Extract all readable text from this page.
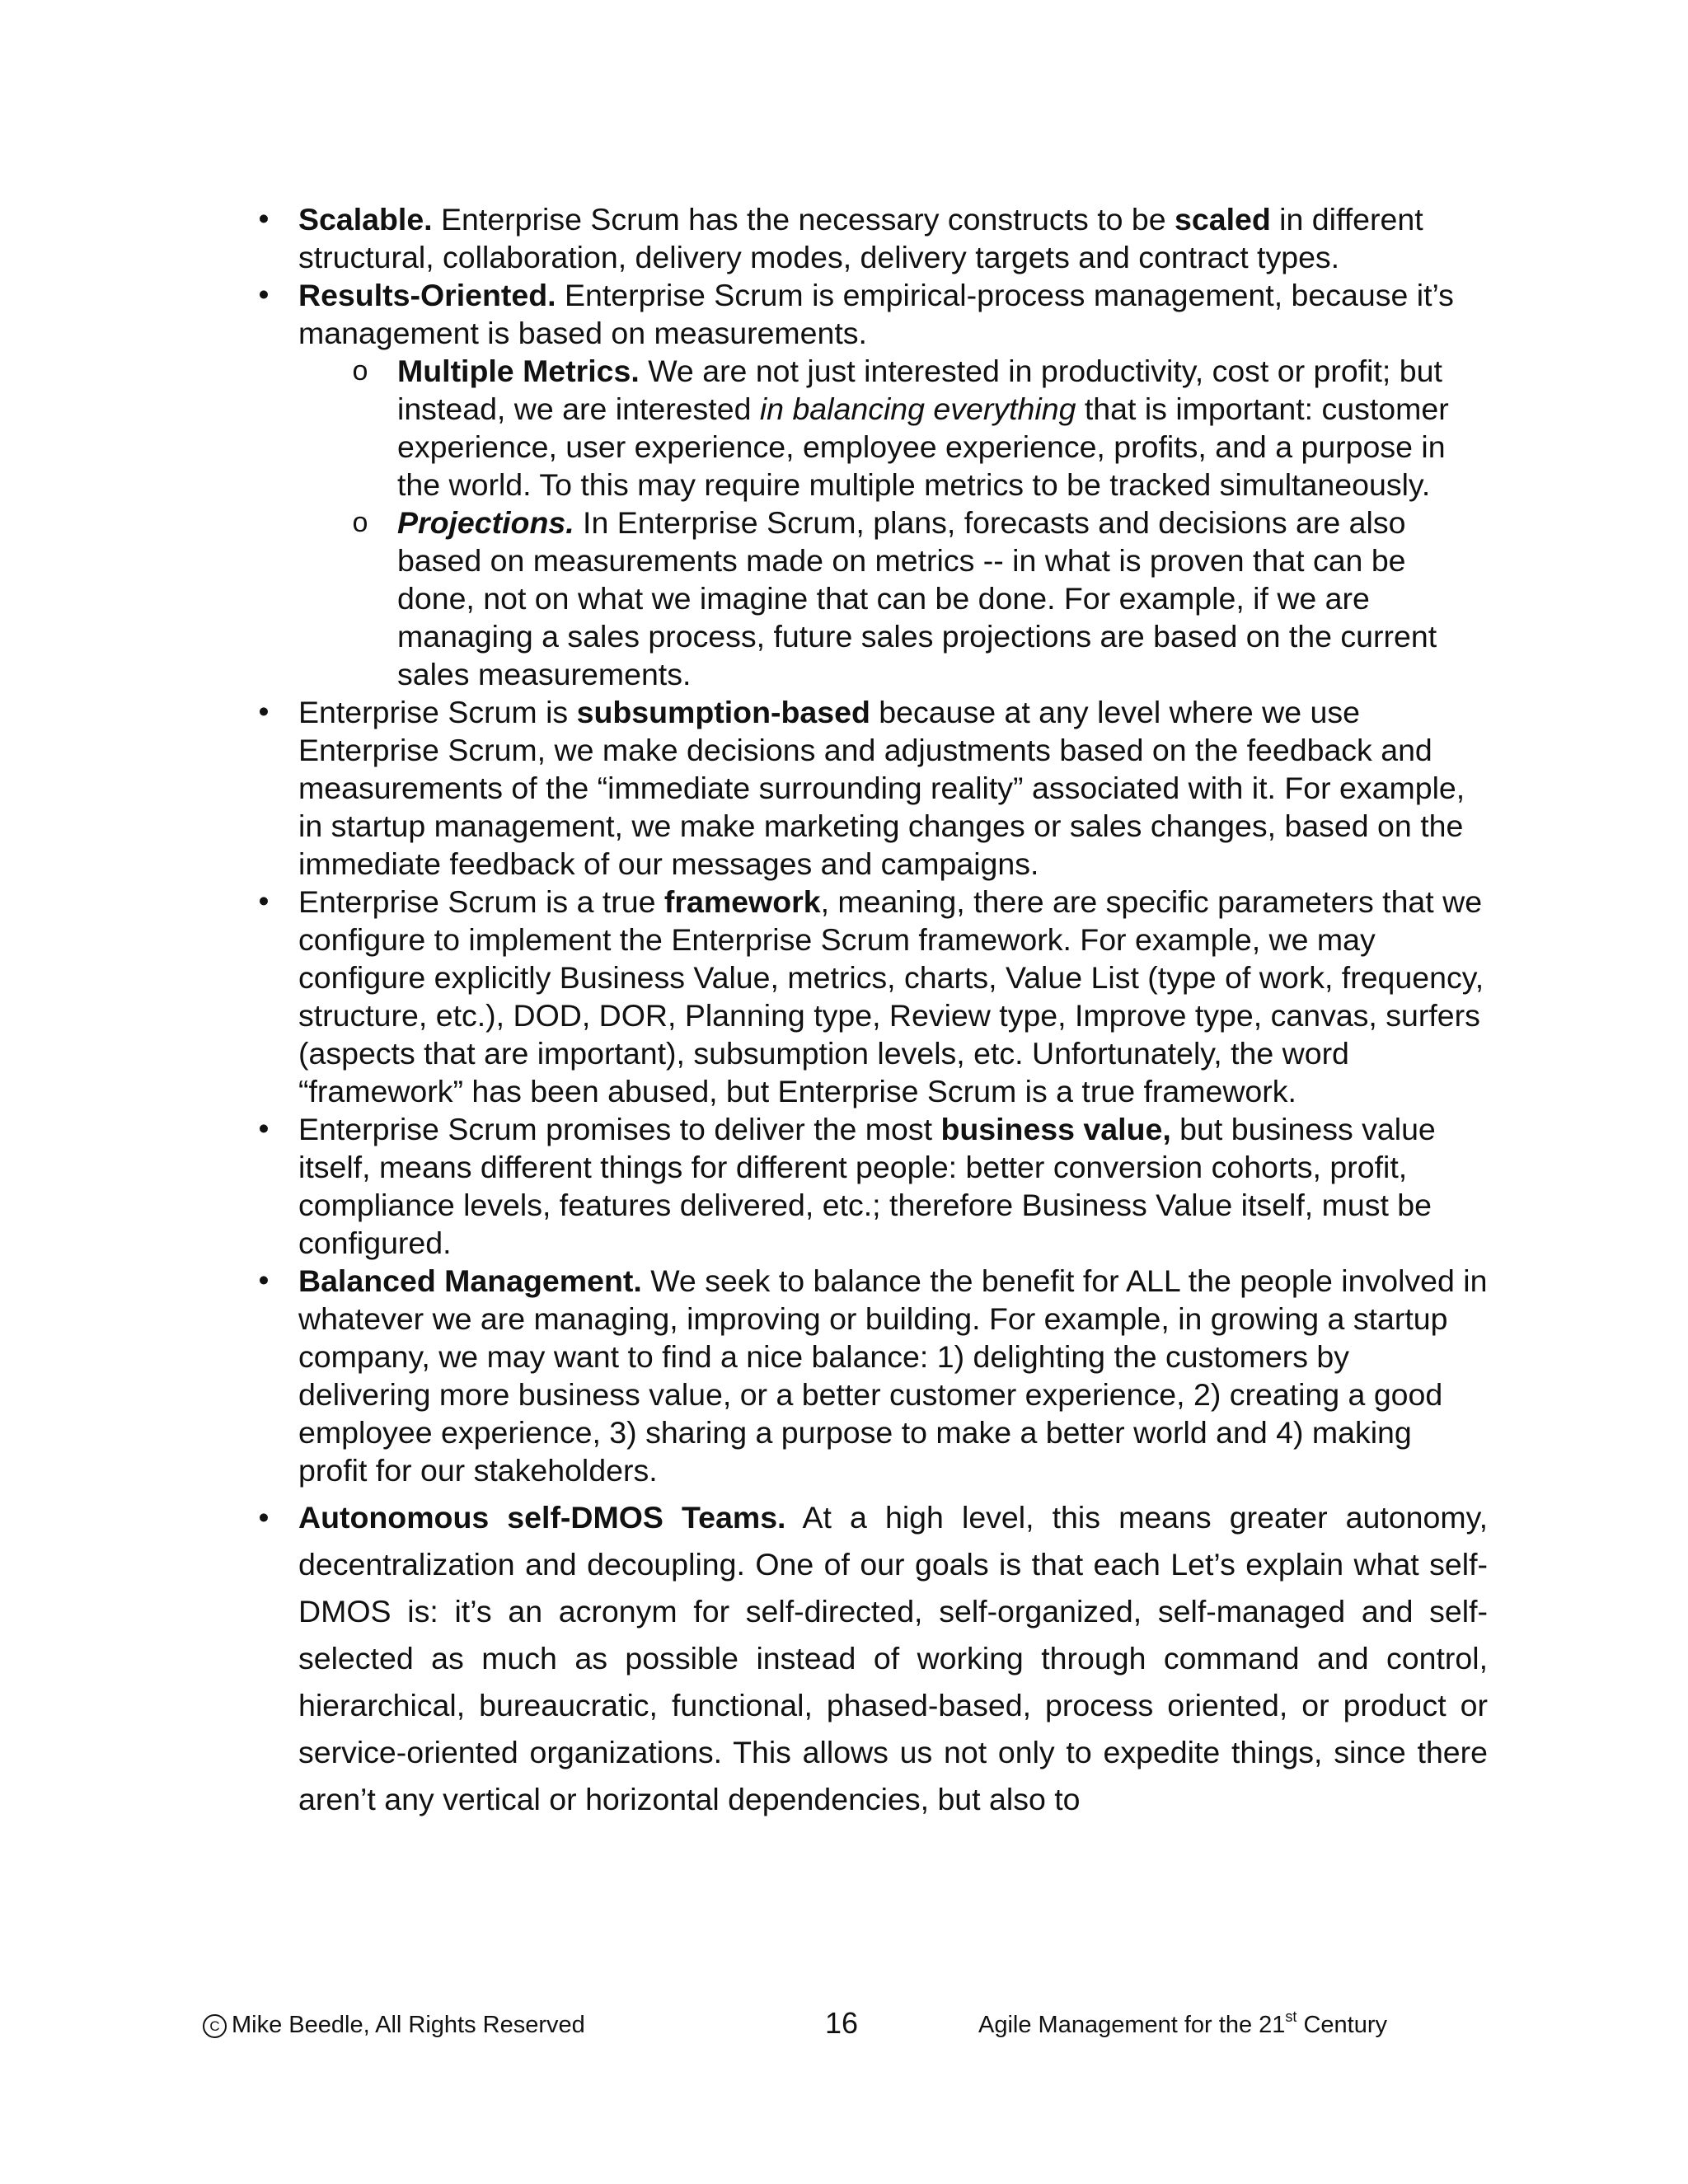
• Scalable. Enterprise Scrum has the necessary constructs to be scaled in different structural, collaboration, delivery modes, delivery targets and contract types.
• Results-Oriented. Enterprise Scrum is empirical-process management, because it’s management is based on measurements.
o Multiple Metrics. We are not just interested in productivity, cost or profit; but instead, we are interested in balancing everything that is important: customer experience, user experience, employee experience, profits, and a purpose in the world. To this may require multiple metrics to be tracked simultaneously.
o Projections. In Enterprise Scrum, plans, forecasts and decisions are also based on measurements made on metrics -- in what is proven that can be done, not on what we imagine that can be done. For example, if we are managing a sales process, future sales projections are based on the current sales measurements.
• Enterprise Scrum is subsumption-based because at any level where we use Enterprise Scrum, we make decisions and adjustments based on the feedback and measurements of the “immediate surrounding reality” associated with it. For example, in startup management, we make marketing changes or sales changes, based on the immediate feedback of our messages and campaigns.
• Enterprise Scrum is a true framework, meaning, there are specific parameters that we configure to implement the Enterprise Scrum framework. For example, we may configure explicitly Business Value, metrics, charts, Value List (type of work, frequency, structure, etc.), DOD, DOR, Planning type, Review type, Improve type, canvas, surfers (aspects that are important), subsumption levels, etc. Unfortunately, the word “framework” has been abused, but Enterprise Scrum is a true framework.
• Enterprise Scrum promises to deliver the most business value, but business value itself, means different things for different people: better conversion cohorts, profit, compliance levels, features delivered, etc.; therefore Business Value itself, must be configured.
• Balanced Management. We seek to balance the benefit for ALL the people involved in whatever we are managing, improving or building. For example, in growing a startup company, we may want to find a nice balance: 1) delighting the customers by delivering more business value, or a better customer experience, 2) creating a good employee experience, 3) sharing a purpose to make a better world and 4) making profit for our stakeholders.
• Autonomous self-DMOS Teams. At a high level, this means greater autonomy, decentralization and decoupling. One of our goals is that each Let’s explain what self-DMOS is: it’s an acronym for self-directed, self-organized, self-managed and self-selected as much as possible instead of working through command and control, hierarchical, bureaucratic, functional, phased-based, process oriented, or product or service-oriented organizations. This allows us not only to expedite things, since there aren’t any vertical or horizontal dependencies, but also to
C Mike Beedle, All Rights Reserved	16	Agile Management for the 21st Century
